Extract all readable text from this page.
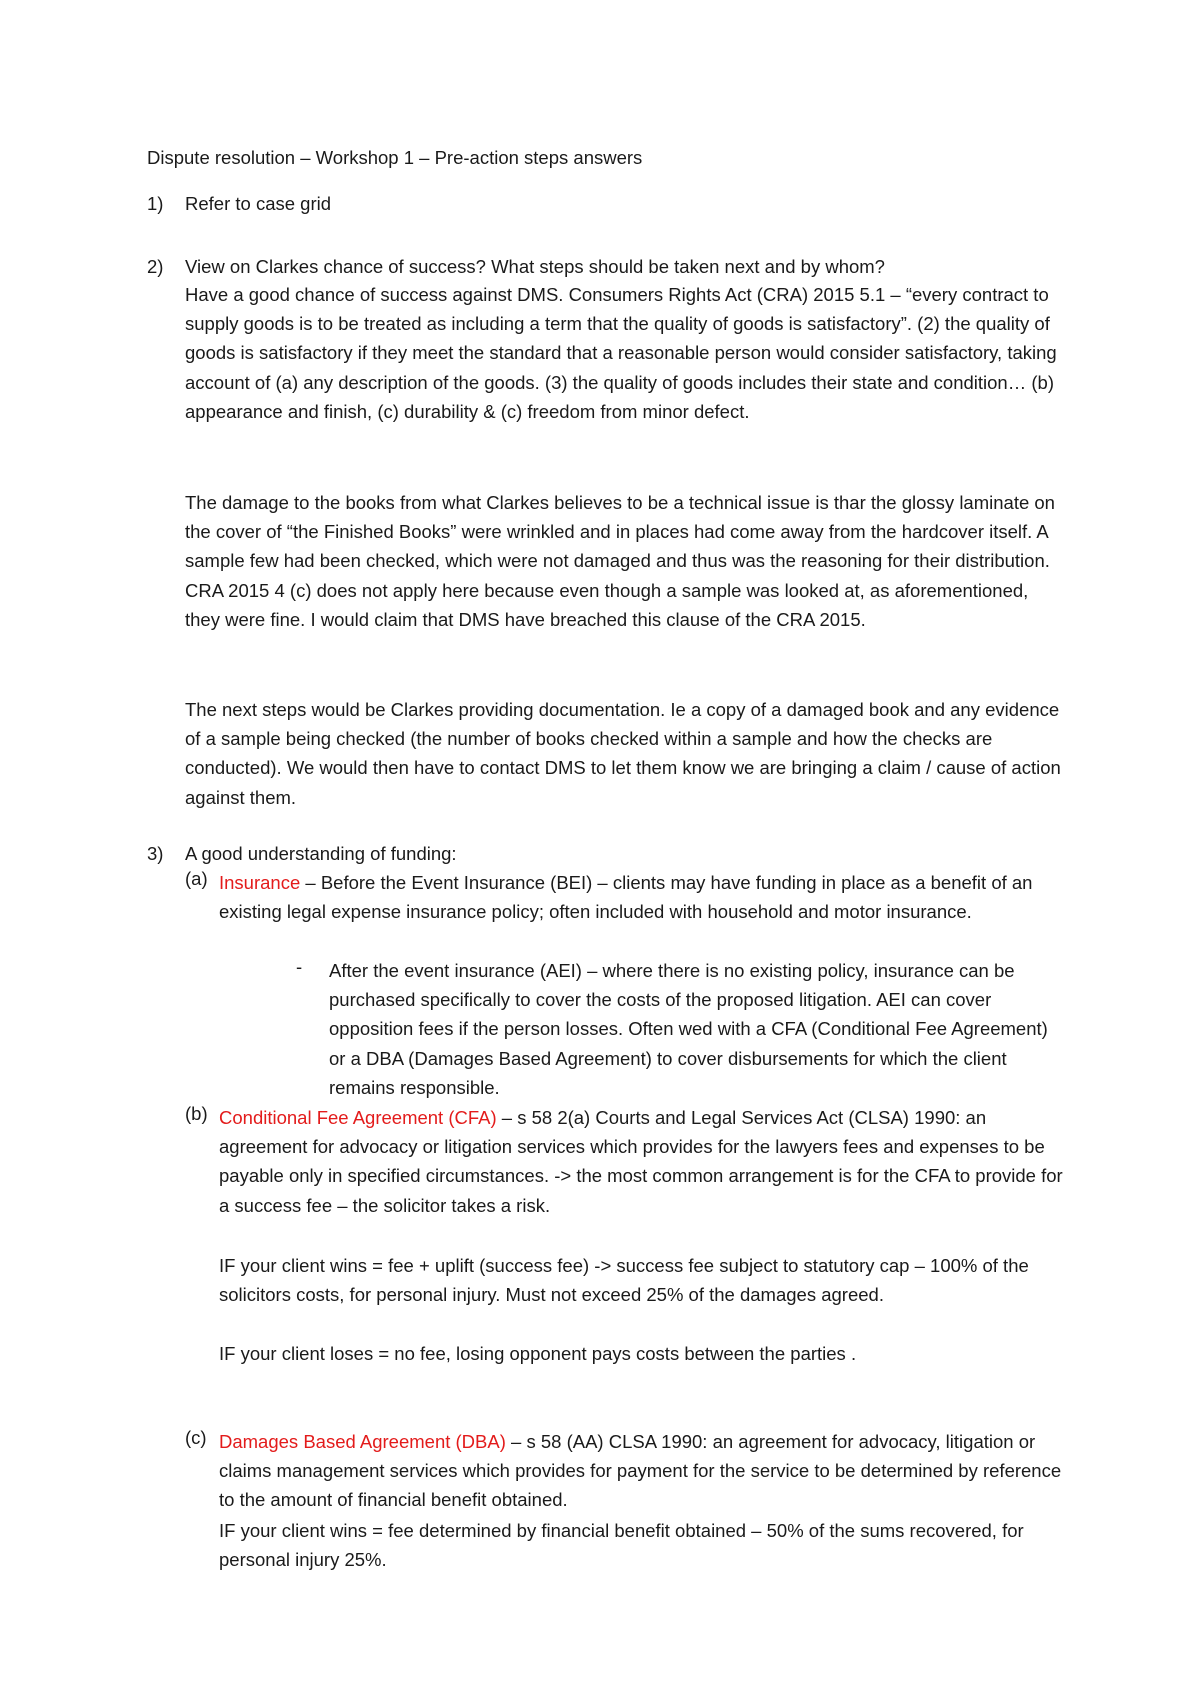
Dispute resolution – Workshop 1 – Pre-action steps answers
1) Refer to case grid
2) View on Clarkes chance of success? What steps should be taken next and by whom?

Have a good chance of success against DMS. Consumers Rights Act (CRA) 2015 5.1 – “every contract to supply goods is to be treated as including a term that the quality of goods is satisfactory”. (2) the quality of goods is satisfactory if they meet the standard that a reasonable person would consider satisfactory, taking account of (a) any description of the goods. (3) the quality of goods includes their state and condition… (b) appearance and finish, (c) durability & (c) freedom from minor defect.

The damage to the books from what Clarkes believes to be a technical issue is thar the glossy laminate on the cover of “the Finished Books” were wrinkled and in places had come away from the hardcover itself. A sample few had been checked, which were not damaged and thus was the reasoning for their distribution. CRA 2015 4 (c) does not apply here because even though a sample was looked at, as aforementioned, they were fine. I would claim that DMS have breached this clause of the CRA 2015.

The next steps would be Clarkes providing documentation. Ie a copy of a damaged book and any evidence of a sample being checked (the number of books checked within a sample and how the checks are conducted). We would then have to contact DMS to let them know we are bringing a claim / cause of action against them.

3) A good understanding of funding:
(a) Insurance – Before the Event Insurance (BEI) – clients may have funding in place as a benefit of an existing legal expense insurance policy; often included with household and motor insurance.

- After the event insurance (AEI) – where there is no existing policy, insurance can be purchased specifically to cover the costs of the proposed litigation. AEI can cover opposition fees if the person losses. Often wed with a CFA (Conditional Fee Agreement) or a DBA (Damages Based Agreement) to cover disbursements for which the client remains responsible.

(b) Conditional Fee Agreement (CFA) – s 58 2(a) Courts and Legal Services Act (CLSA) 1990: an agreement for advocacy or litigation services which provides for the lawyers fees and expenses to be payable only in specified circumstances. -> the most common arrangement is for the CFA to provide for a success fee – the solicitor takes a risk.

IF your client wins = fee + uplift (success fee) -> success fee subject to statutory cap – 100% of the solicitors costs, for personal injury. Must not exceed 25% of the damages agreed.

IF your client loses = no fee, losing opponent pays costs between the parties .

(c) Damages Based Agreement (DBA) – s 58 (AA) CLSA 1990: an agreement for advocacy, litigation or claims management services which provides for payment for the service to be determined by reference to the amount of financial benefit obtained.

IF your client wins = fee determined by financial benefit obtained – 50% of the sums recovered, for personal injury 25%.
